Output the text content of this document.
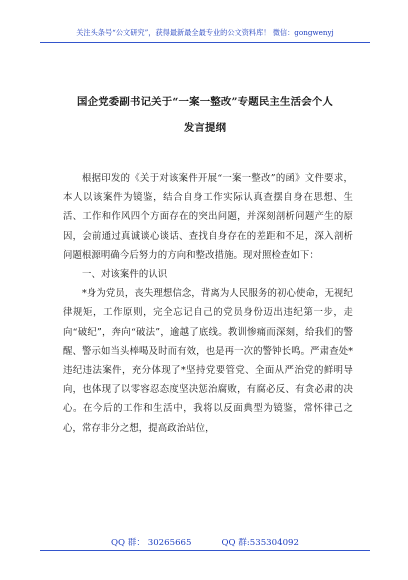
关注头条号“公文研究”，获得最新最全最专业的公文资料库！ 微信：gongwenyj
国企党委副书记关于“一案一整改”专题民主生活会个人
发言提纲

根据印发的《关于对该案件开展“一案一整改”的函》文件要求，本人以该案件为镜鉴，结合自身工作实际认真查摆自身在思想、生活、工作和作风四个方面存在的突出问题，并深刻剖析问题产生的原因，会前通过真诚谈心谈话、查找自身存在的差距和不足，深入剖析问题根源明确今后努力的方向和整改措施。现对照检查如下：

一、对该案件的认识

*身为党员，丧失理想信念，背离为人民服务的初心使命，无视纪律规矩，工作原则，完全忘记自己的党员身份迈出违纪第一步，走向“破纪”，奔向“破法”，逾越了底线。教训惨痛而深刻，给我们的警醒、警示如当头棒喝及时而有效，也是再一次的警钟长鸣。严肃查处*违纪违法案件，充分体现了*坚持党要管党、全面从严治党的鲜明导向，也体现了以零容忍态度坚决惩治腐败，有腐必反、有贪必肃的决心。在今后的工作和生活中，我将以反面典型为镜鉴，常怀律己之心，常存非分之想，提高政治站位，

QQ 群： 30265665	QQ 群:535304092
